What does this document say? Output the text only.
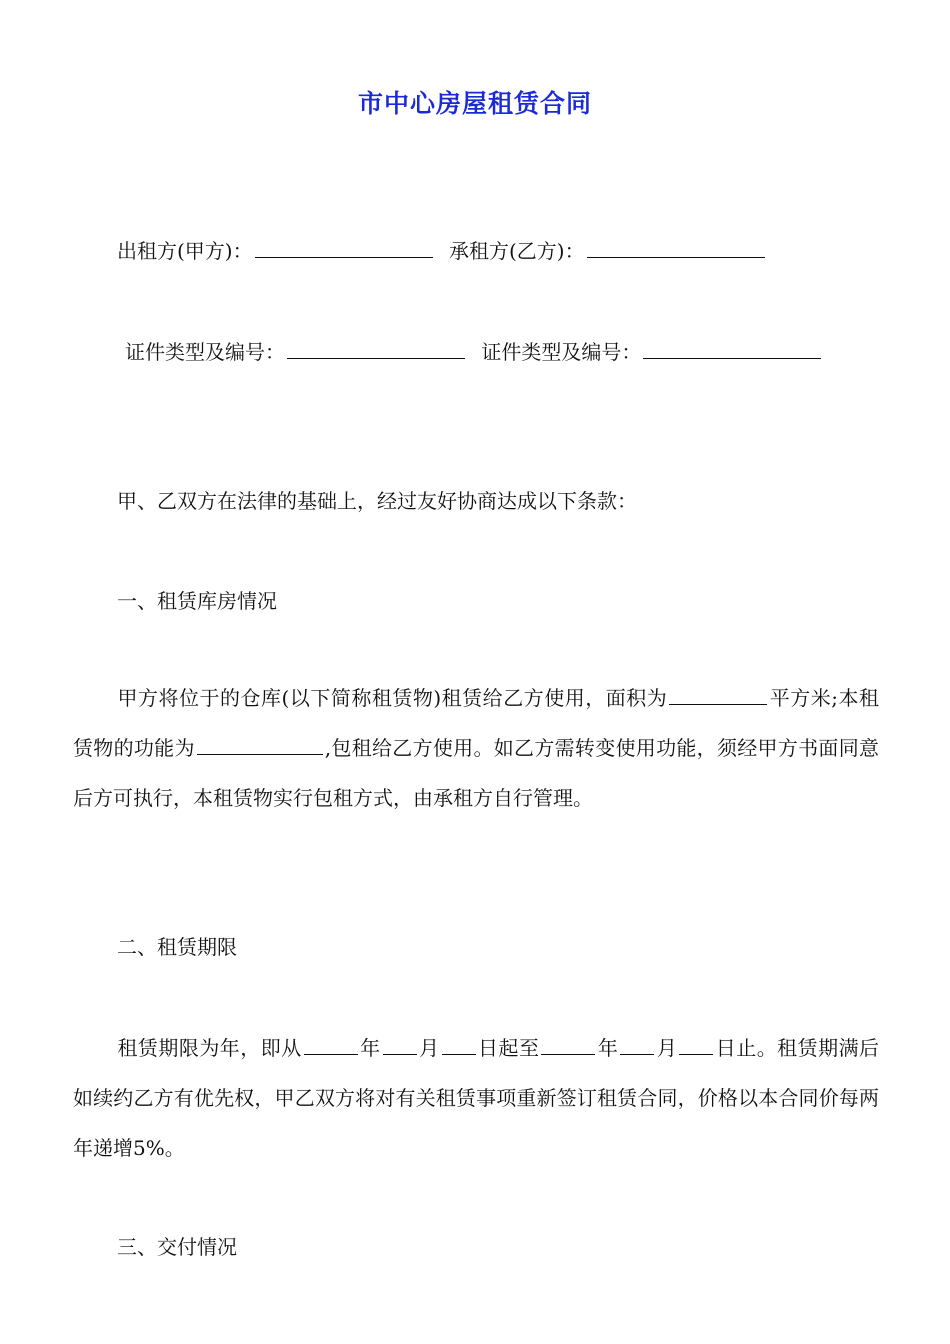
市中心房屋租赁合同
出租方(甲方)：	承租方(乙方)：
证件类型及编号：	证件类型及编号：
甲、乙双方在法律的基础上，经过友好协商达成以下条款：
一、租赁库房情况
甲方将位于的仓库(以下简称租赁物)租赁给乙方使用，面积为	平方米;本租赁物的功能为	,包租给乙方使用。如乙方需转变使用功能，须经甲方书面同意后方可执行，本租赁物实行包租方式，由承租方自行管理。
二、租赁期限
租赁期限为年，即从	年 月 日起至	年 月 日止。租赁期满后如续约乙方有优先权，甲乙双方将对有关租赁事项重新签订租赁合同，价格以本合同价每两年递增5%。
三、交付情况
